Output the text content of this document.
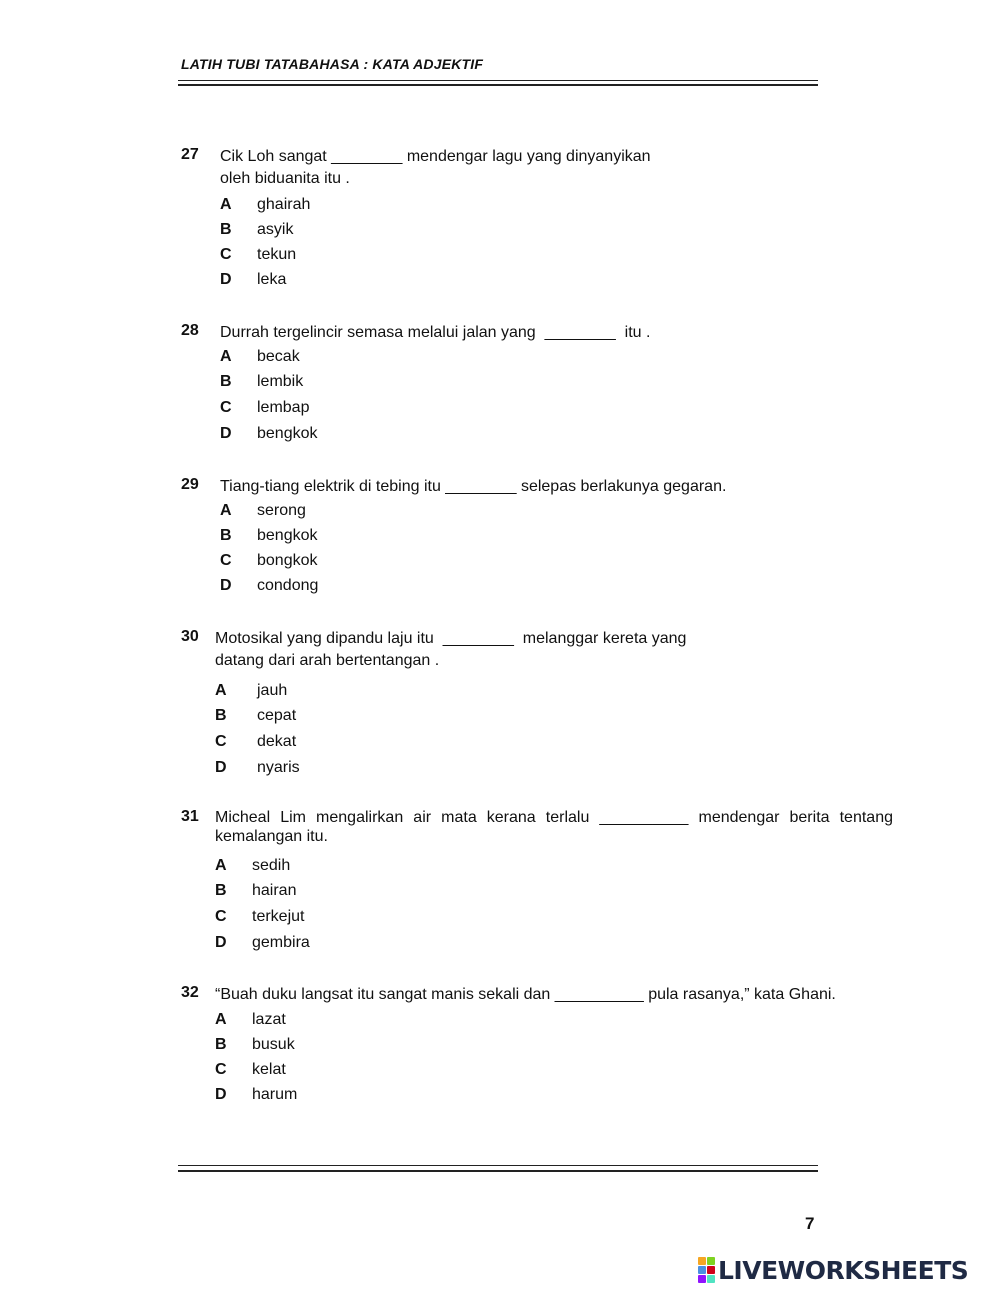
LATIH TUBI TATABAHASA : KATA ADJEKTIF
27 Cik Loh sangat ________ mendengar lagu yang dinyanyikan
oleh biduanita itu .
A ghairah
B asyik
C tekun
D leka
28 Durrah tergelincir semasa melalui jalan yang  ________  itu .
A becak
B lembik
C lembap
D bengkok
29 Tiang-tiang elektrik di tebing itu ________ selepas berlakunya gegaran.
A serong
B bengkok
C bongkok
D condong
30 Motosikal yang dipandu laju itu  ________  melanggar kereta yang
datang dari arah bertentangan .
A jauh
B cepat
C dekat
D nyaris
31 Micheal Lim mengalirkan air mata kerana terlalu __________ mendengar berita tentang
kemalangan itu.
A sedih
B hairan
C terkejut
D gembira
32 “Buah duku langsat itu sangat manis sekali dan __________ pula rasanya,” kata Ghani.
A lazat
B busuk
C kelat
D harum
7
LIVEWORKSHEETS
